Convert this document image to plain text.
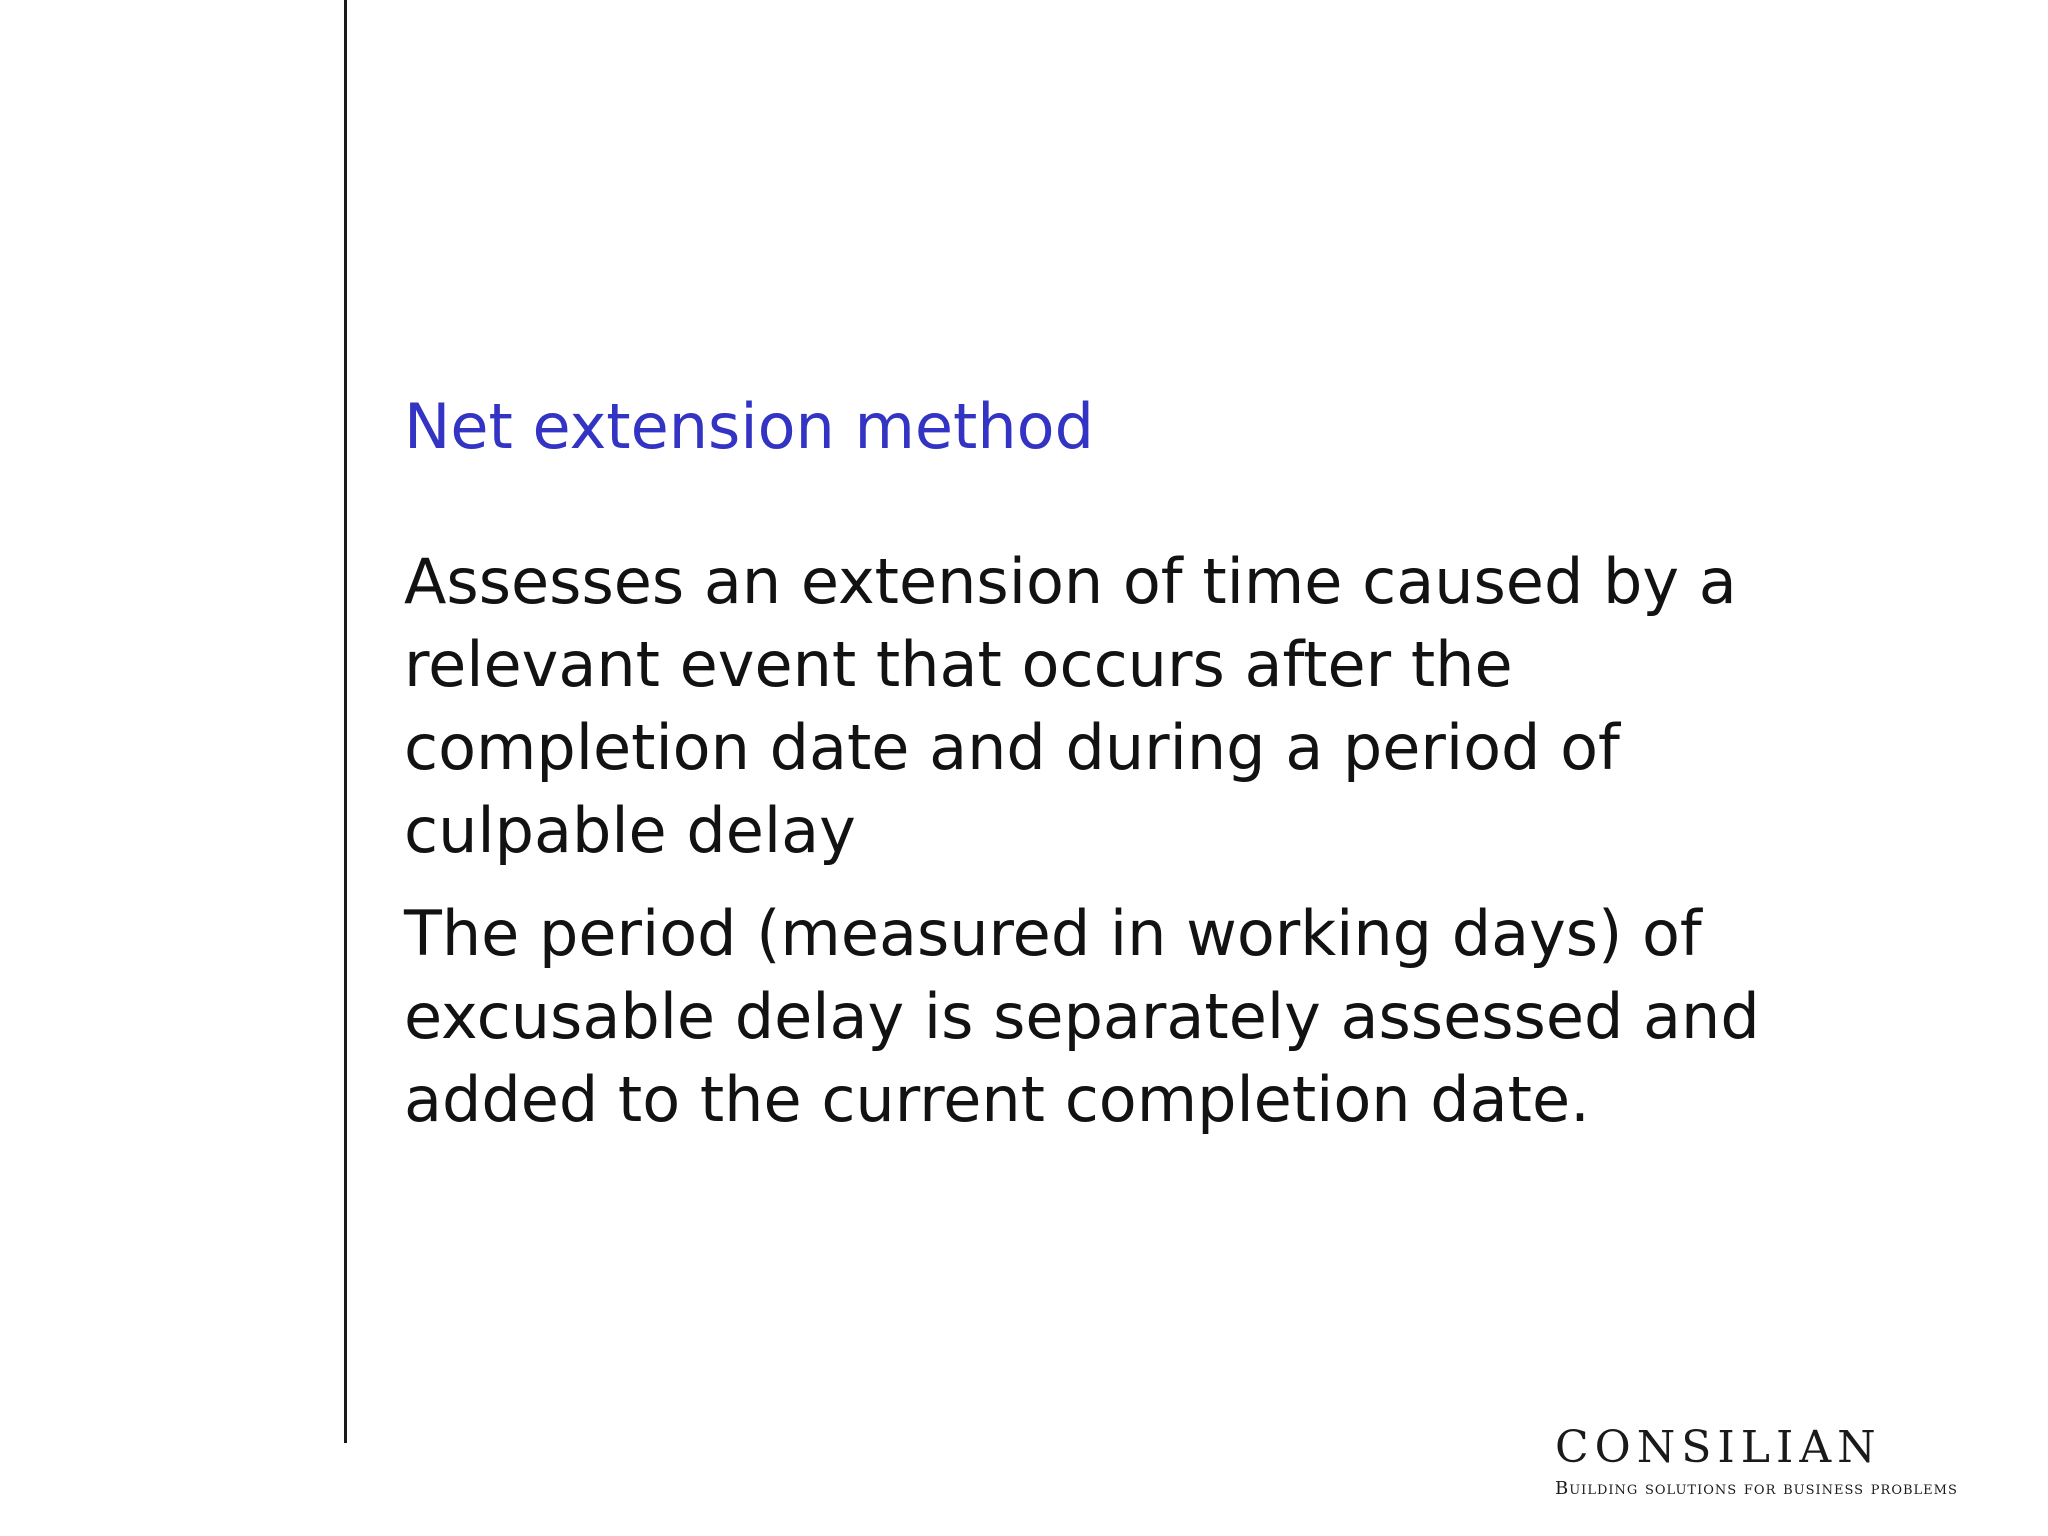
Net extension method

Assesses an extension of time caused by a relevant event that occurs after the completion date and during a period of culpable delay

The period (measured in working days) of excusable delay is separately assessed and added to the current completion date.

CONSILIAN
Building solutions for business problems
